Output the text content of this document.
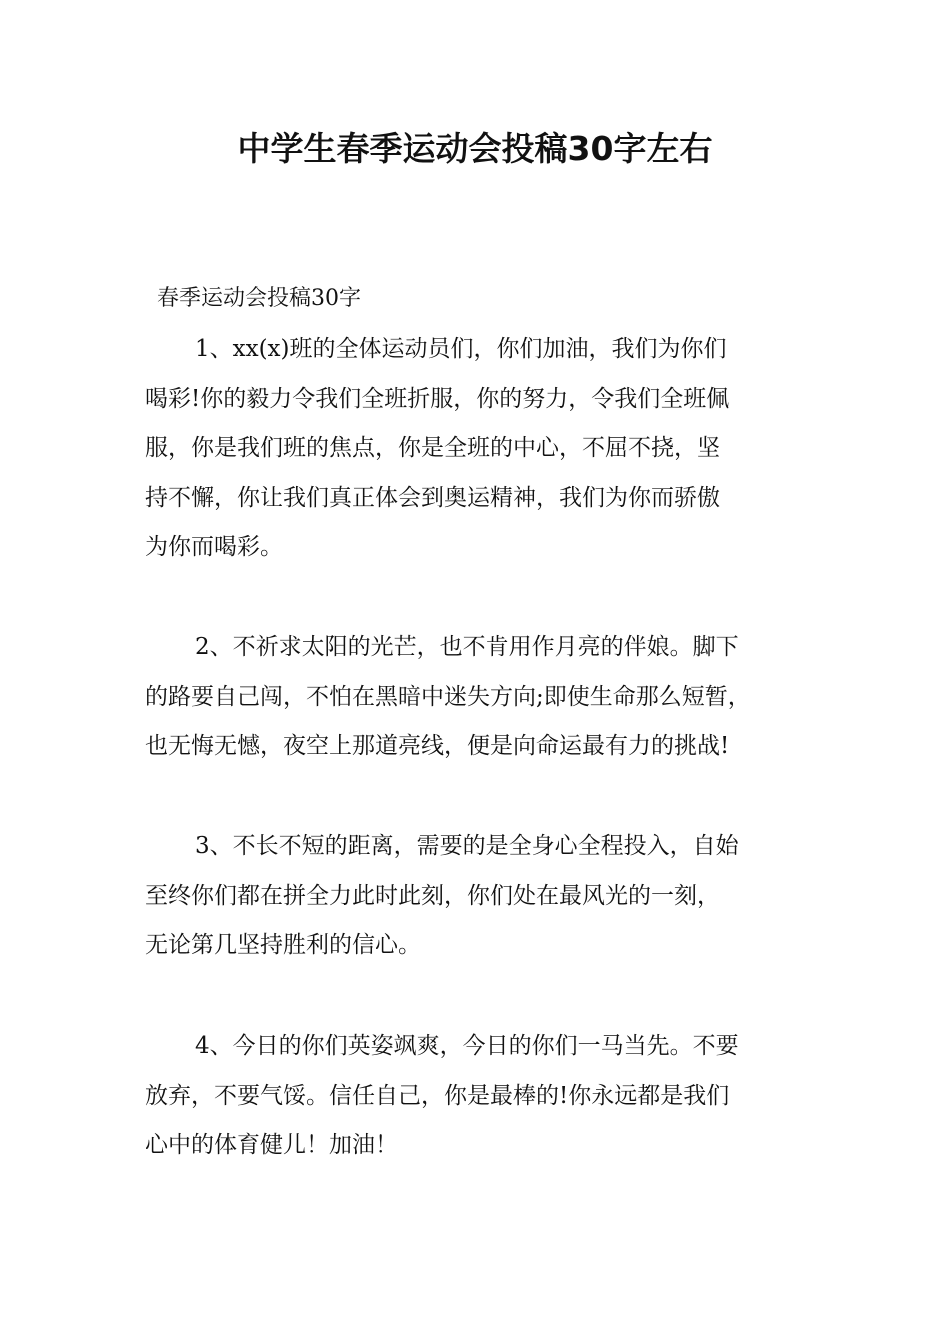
中学生春季运动会投稿30字左右

春季运动会投稿30字

1、xx(x)班的全体运动员们，你们加油，我们为你们
喝彩!你的毅力令我们全班折服，你的努力，令我们全班佩
服，你是我们班的焦点，你是全班的中心，不屈不挠，坚
持不懈，你让我们真正体会到奥运精神，我们为你而骄傲
为你而喝彩。
2、不祈求太阳的光芒，也不肯用作月亮的伴娘。脚下
的路要自己闯，不怕在黑暗中迷失方向;即使生命那么短暂，
也无悔无憾，夜空上那道亮线，便是向命运最有力的挑战!
3、不长不短的距离，需要的是全身心全程投入，自始
至终你们都在拼全力此时此刻，你们处在最风光的一刻，
无论第几坚持胜利的信心。
4、今日的你们英姿飒爽，今日的你们一马当先。不要
放弃，不要气馁。信任自己，你是最棒的!你永远都是我们
心中的体育健儿！加油！
